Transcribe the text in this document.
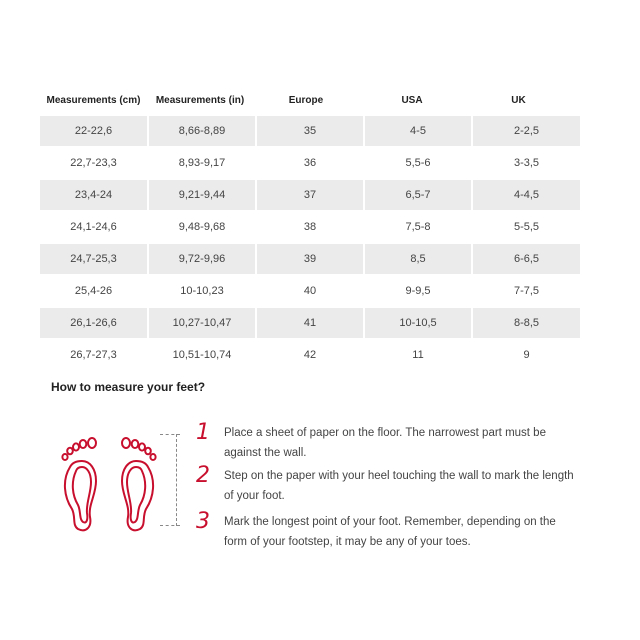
Measurements (cm)	Measurements (in)	Europe	USA	UK
22-22,6	8,66-8,89	35	4-5	2-2,5
22,7-23,3	8,93-9,17	36	5,5-6	3-3,5
23,4-24	9,21-9,44	37	6,5-7	4-4,5
24,1-24,6	9,48-9,68	38	7,5-8	5-5,5
24,7-25,3	9,72-9,96	39	8,5	6-6,5
25,4-26	10-10,23	40	9-9,5	7-7,5
26,1-26,6	10,27-10,47	41	10-10,5	8-8,5
26,7-27,3	10,51-10,74	42	11	9
How to measure your feet?
1 Place a sheet of paper on the floor. The narrowest part must be against the wall.
2 Step on the paper with your heel touching the wall to mark the length of your foot.
3 Mark the longest point of your foot. Remember, depending on the form of your footstep, it may be any of your toes.
